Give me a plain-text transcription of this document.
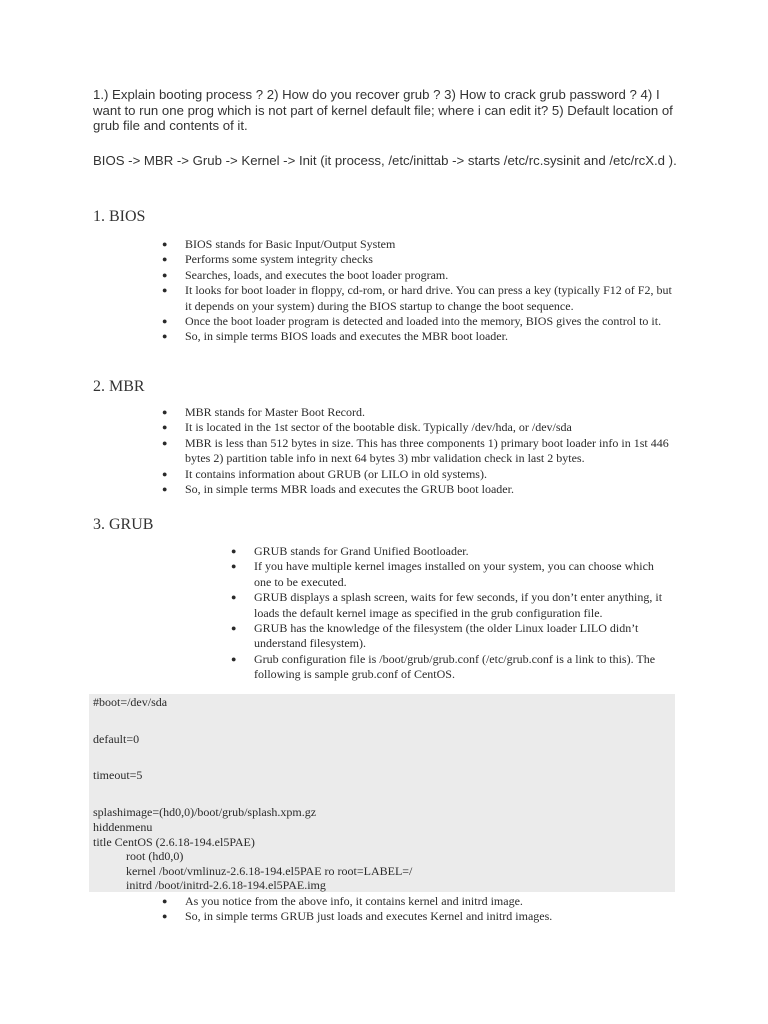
1.) Explain booting process ? 2) How do you recover grub ? 3) How to crack grub password ? 4) I want to run one prog which is not part of kernel default file; where i can edit it? 5) Default location of grub file and contents of it.
BIOS -> MBR -> Grub -> Kernel -> Init (it process, /etc/inittab -> starts /etc/rc.sysinit and /etc/rcX.d ).
1. BIOS
● BIOS stands for Basic Input/Output System
● Performs some system integrity checks
● Searches, loads, and executes the boot loader program.
● It looks for boot loader in floppy, cd-rom, or hard drive. You can press a key (typically F12 of F2, but it depends on your system) during the BIOS startup to change the boot sequence.
● Once the boot loader program is detected and loaded into the memory, BIOS gives the control to it.
● So, in simple terms BIOS loads and executes the MBR boot loader.
2. MBR
● MBR stands for Master Boot Record.
● It is located in the 1st sector of the bootable disk. Typically /dev/hda, or /dev/sda
● MBR is less than 512 bytes in size. This has three components 1) primary boot loader info in 1st 446 bytes 2) partition table info in next 64 bytes 3) mbr validation check in last 2 bytes.
● It contains information about GRUB (or LILO in old systems).
● So, in simple terms MBR loads and executes the GRUB boot loader.
3. GRUB
● GRUB stands for Grand Unified Bootloader.
● If you have multiple kernel images installed on your system, you can choose which one to be executed.
● GRUB displays a splash screen, waits for few seconds, if you don’t enter anything, it loads the default kernel image as specified in the grub configuration file.
● GRUB has the knowledge of the filesystem (the older Linux loader LILO didn’t understand filesystem).
● Grub configuration file is /boot/grub/grub.conf (/etc/grub.conf is a link to this). The following is sample grub.conf of CentOS.
#boot=/dev/sda
default=0
timeout=5
splashimage=(hd0,0)/boot/grub/splash.xpm.gz
hiddenmenu
title CentOS (2.6.18-194.el5PAE)
root (hd0,0)
kernel /boot/vmlinuz-2.6.18-194.el5PAE ro root=LABEL=/
initrd /boot/initrd-2.6.18-194.el5PAE.img
● As you notice from the above info, it contains kernel and initrd image.
● So, in simple terms GRUB just loads and executes Kernel and initrd images.
